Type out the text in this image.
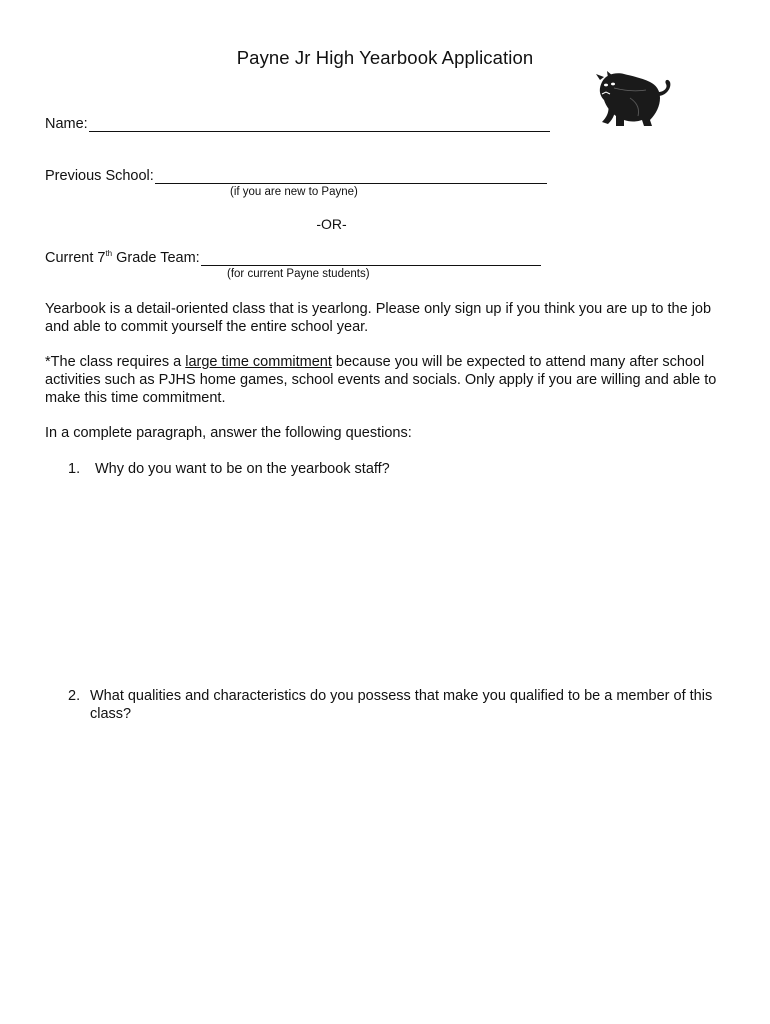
Payne Jr High Yearbook Application
Name:
Previous School:
(if you are new to Payne)
-OR-
Current 7th Grade Team:
(for current Payne students)

Yearbook is a detail-oriented class that is yearlong. Please only sign up if you think you are up to the job and able to commit yourself the entire school year.

*The class requires a large time commitment because you will be expected to attend many after school activities such as PJHS home games, school events and socials. Only apply if you are willing and able to make this time commitment.

In a complete paragraph, answer the following questions:
1.	Why do you want to be on the yearbook staff?
2. What qualities and characteristics do you possess that make you qualified to be a member of this class?
